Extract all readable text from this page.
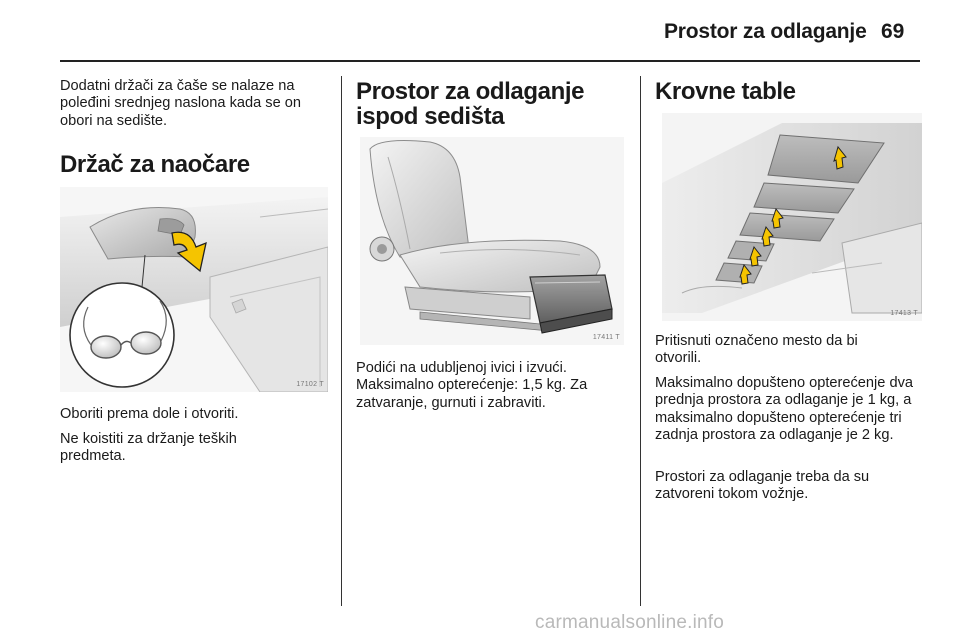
Prostor za odlaganje 69

Dodatni držači za čaše se nalaze na poleđini srednjeg naslona kada se on obori na sedište.

Držač za naočare
17102 T

Oboriti prema dole i otvoriti.

Ne koistiti za držanje teških predmeta.

Prostor za odlaganje ispod sedišta
17411 T

Podići na udubljenoj ivici i izvući. Maksimalno opterećenje: 1,5 kg. Za zatvaranje, gurnuti i zabraviti.

Krovne table
17413 T

Pritisnuti označeno mesto da bi otvorili.

Maksimalno dopušteno opterećenje dva prednja prostora za odlaganje je 1 kg, a maksimalno dopušteno opterećenje tri zadnja prostora za odlaganje je 2 kg.

Prostori za odlaganje treba da su zatvoreni tokom vožnje.

carmanualsonline.info
